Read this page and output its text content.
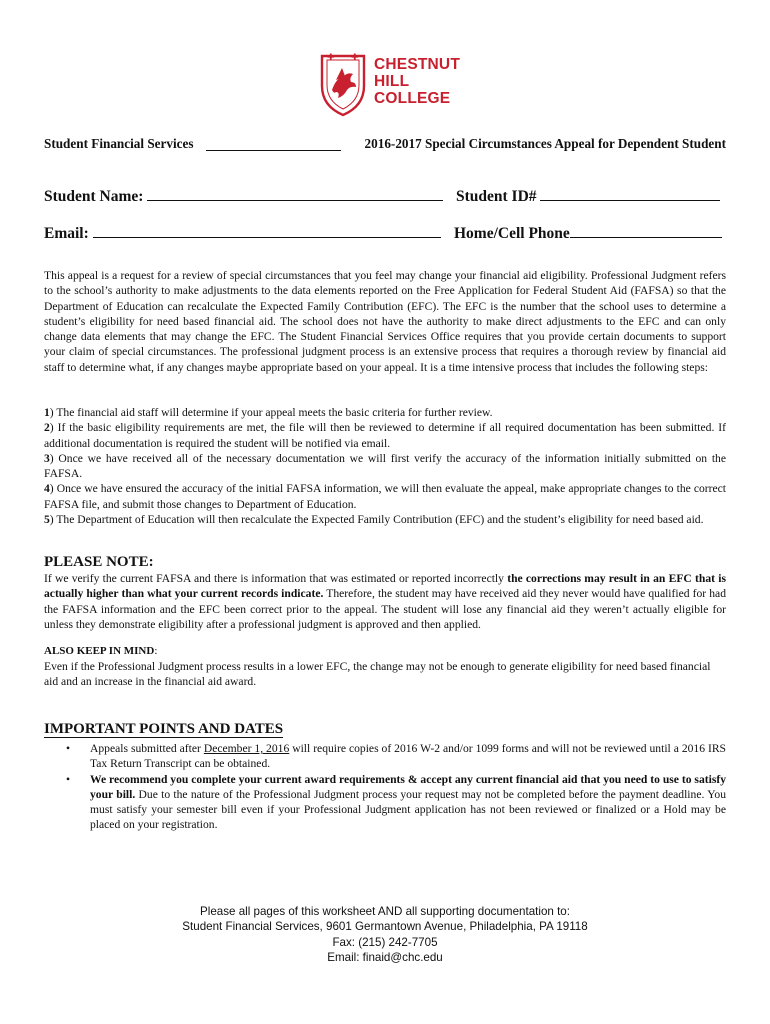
✚ ✚ CHESTNUT
HILL
COLLEGE
Student Financial Services	2016-2017 Special Circumstances Appeal for Dependent Student
Student Name:	Student ID#
Email:	Home/Cell Phone
This appeal is a request for a review of special circumstances that you feel may change your financial aid eligibility. Professional Judgment refers to the school’s authority to make adjustments to the data elements reported on the Free Application for Federal Student Aid (FAFSA) so that the Department of Education can recalculate the Expected Family Contribution (EFC). The EFC is the number that the school uses to determine a student’s eligibility for need based financial aid. The school does not have the authority to make direct adjustments to the EFC and can only change data elements that may change the EFC. The Student Financial Services Office requires that you provide certain documents to support your claim of special circumstances. The professional judgment process is an extensive process that requires a thorough review by financial aid staff to determine what, if any changes maybe appropriate based on your appeal. It is a time intensive process that includes the following steps:

1) The financial aid staff will determine if your appeal meets the basic criteria for further review.

2) If the basic eligibility requirements are met, the file will then be reviewed to determine if all required documentation has been submitted. If additional documentation is required the student will be notified via email.

3) Once we have received all of the necessary documentation we will first verify the accuracy of the information initially submitted on the FAFSA.

4) Once we have ensured the accuracy of the initial FAFSA information, we will then evaluate the appeal, make appropriate changes to the correct FAFSA file, and submit those changes to Department of Education.

5) The Department of Education will then recalculate the Expected Family Contribution (EFC) and the student’s eligibility for need based aid.

PLEASE NOTE:
If we verify the current FAFSA and there is information that was estimated or reported incorrectly the corrections may result in an EFC that is actually higher than what your current records indicate. Therefore, the student may have received aid they never would have qualified for had the FAFSA information and the EFC been correct prior to the appeal. The student will lose any financial aid they weren’t actually eligible for unless they demonstrate eligibility after a professional judgment is approved and then applied.
ALSO KEEP IN MIND:
Even if the Professional Judgment process results in a lower EFC, the change may not be enough to generate eligibility for need based financial aid and an increase in the financial aid award.
IMPORTANT POINTS AND DATES
• Appeals submitted after December 1, 2016 will require copies of 2016 W-2 and/or 1099 forms and will not be reviewed until a 2016 IRS Tax Return Transcript can be obtained.
• We recommend you complete your current award requirements & accept any current financial aid that you need to use to satisfy your bill. Due to the nature of the Professional Judgment process your request may not be completed before the payment deadline. You must satisfy your semester bill even if your Professional Judgment application has not been reviewed or finalized or a Hold may be placed on your registration.

Please all pages of this worksheet AND all supporting documentation to:

Student Financial Services, 9601 Germantown Avenue, Philadelphia, PA 19118

Fax: (215) 242-7705

Email: finaid@chc.edu
